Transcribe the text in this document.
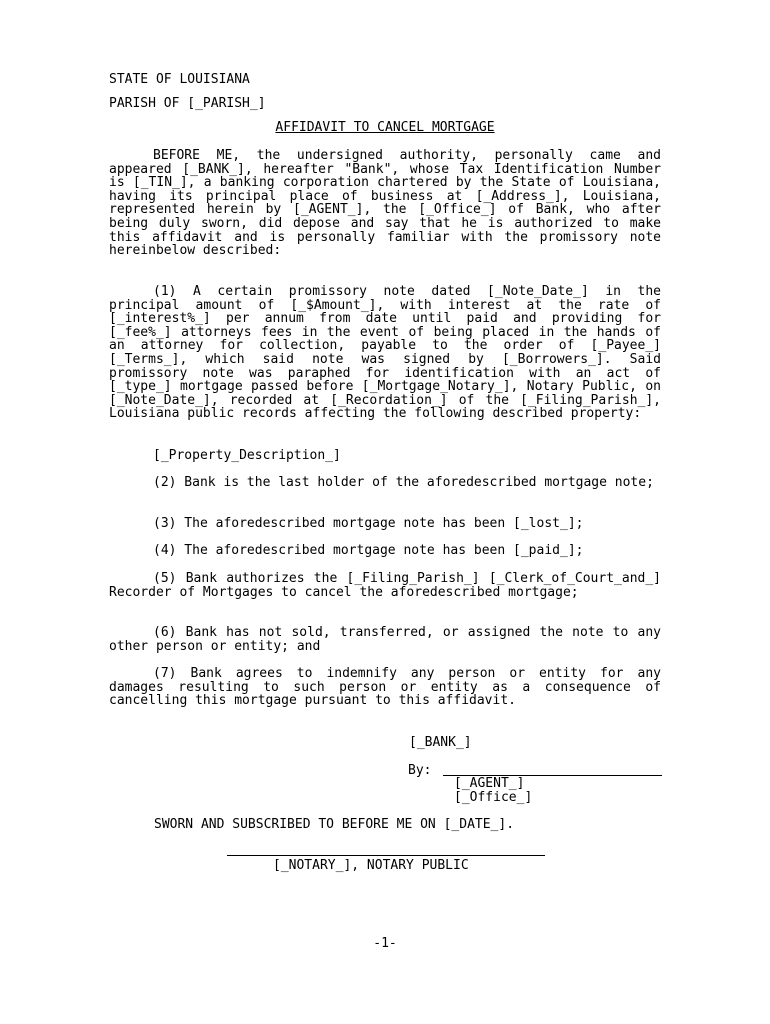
STATE OF LOUISIANA
PARISH OF [_PARISH_]
AFFIDAVIT TO CANCEL MORTGAGE

BEFORE ME, the undersigned authority, personally came and appeared [_BANK_], hereafter "Bank", whose Tax Identification Number is [_TIN_], a banking corporation chartered by the State of Louisiana, having its principal place of business at [_Address_], Louisiana, represented herein by [_AGENT_], the [_Office_] of Bank, who after being duly sworn, did depose and say that he is authorized to make this affidavit and is personally familiar with the promissory note hereinbelow described:

(1) A certain promissory note dated [_Note_Date_] in the principal amount of [_$Amount_], with interest at the rate of [_interest%_] per annum from date until paid and providing for [_fee%_] attorneys fees in the event of being placed in the hands of an attorney for collection, payable to the order of [_Payee_] [_Terms_], which said note was signed by [_Borrowers_]. Said promissory note was paraphed for identification with an act of [_type_] mortgage passed before [_Mortgage_Notary_], Notary Public, on [_Note_Date_], recorded at [_Recordation_] of the [_Filing_Parish_], Louisiana public records affecting the following described property:

[_Property_Description_]

(2) Bank is the last holder of the aforedescribed mortgage note;

(3) The aforedescribed mortgage note has been [_lost_];

(4) The aforedescribed mortgage note has been [_paid_];

(5) Bank authorizes the [_Filing_Parish_] [_Clerk_of_Court_and_] Recorder of Mortgages to cancel the aforedescribed mortgage;

(6) Bank has not sold, transferred, or assigned the note to any other person or entity; and

(7) Bank agrees to indemnify any person or entity for any damages resulting to such person or entity as a consequence of cancelling this mortgage pursuant to this affidavit.

[_BANK_]
By:
[_AGENT_]
[_Office_]
SWORN AND SUBSCRIBED TO BEFORE ME ON [_DATE_].
[_NOTARY_], NOTARY PUBLIC
-1-
